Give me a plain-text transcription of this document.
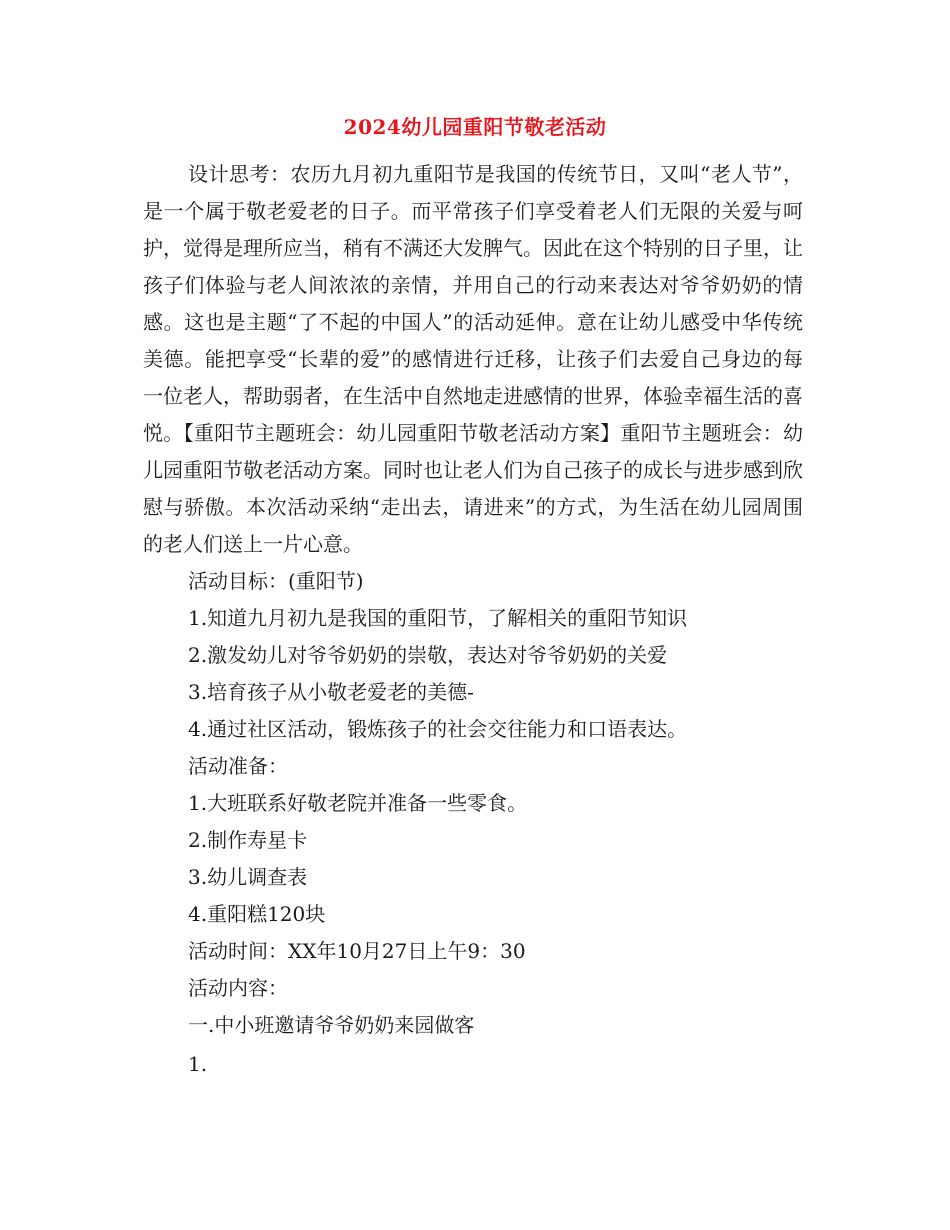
2024幼儿园重阳节敬老活动

设计思考：农历九月初九重阳节是我国的传统节日，又叫“老人节”，是一个属于敬老爱老的日子。而平常孩子们享受着老人们无限的关爱与呵护，觉得是理所应当，稍有不满还大发脾气。因此在这个特别的日子里，让孩子们体验与老人间浓浓的亲情，并用自己的行动来表达对爷爷奶奶的情感。这也是主题“了不起的中国人”的活动延伸。意在让幼儿感受中华传统美德。能把享受“长辈的爱”的感情进行迁移，让孩子们去爱自己身边的每一位老人，帮助弱者，在生活中自然地走进感情的世界，体验幸福生活的喜悦。【重阳节主题班会：幼儿园重阳节敬老活动方案】重阳节主题班会：幼儿园重阳节敬老活动方案。同时也让老人们为自己孩子的成长与进步感到欣慰与骄傲。本次活动采纳“走出去，请进来”的方式，为生活在幼儿园周围的老人们送上一片心意。

活动目标：(重阳节)

1.知道九月初九是我国的重阳节，了解相关的重阳节知识

2.激发幼儿对爷爷奶奶的崇敬，表达对爷爷奶奶的关爱

3.培育孩子从小敬老爱老的美德-

4.通过社区活动，锻炼孩子的社会交往能力和口语表达。

活动准备：

1.大班联系好敬老院并准备一些零食。

2.制作寿星卡

3.幼儿调查表

4.重阳糕120块

活动时间：XX年10月27日上午9：30

活动内容：

一.中小班邀请爷爷奶奶来园做客

1.
